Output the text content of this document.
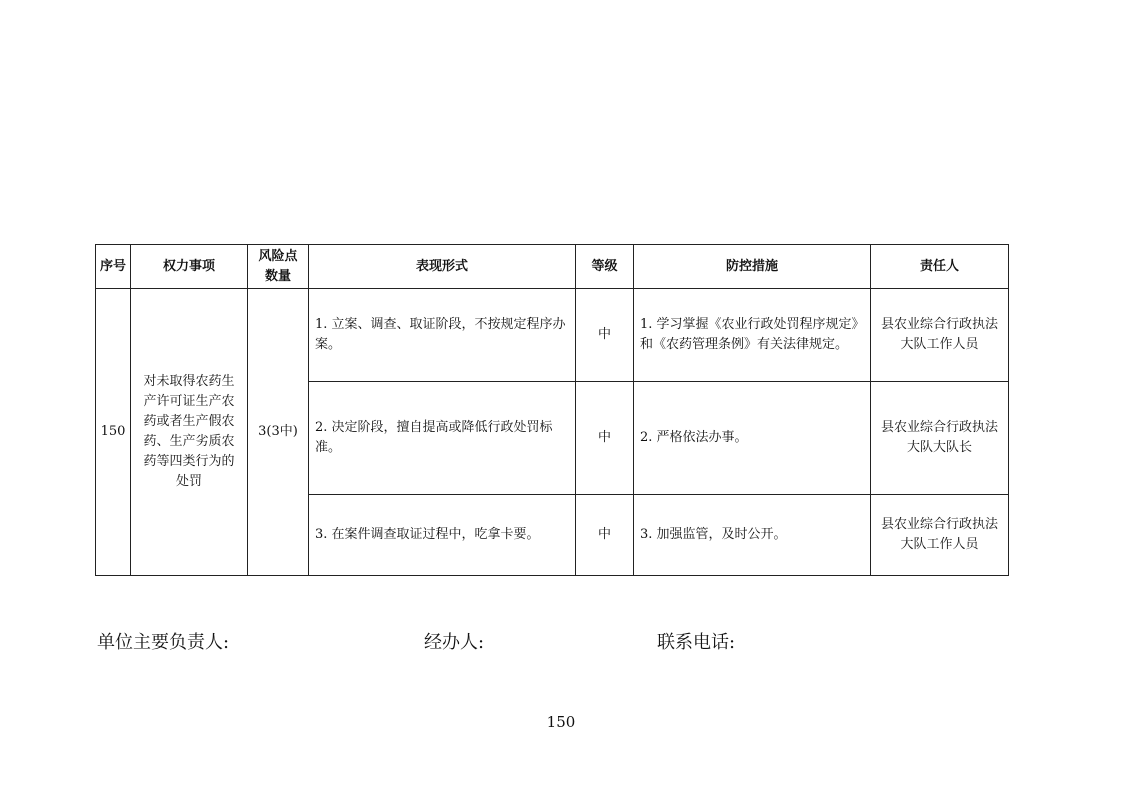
序号	权力事项	风险点数量	表现形式	等级	防控措施	责任人
150	对未取得农药生产许可证生产农药或者生产假农药、生产劣质农药等四类行为的处罚	3(3中)	1. 立案、调查、取证阶段，不按规定程序办案。	中	1. 学习掌握《农业行政处罚程序规定》和《农药管理条例》有关法律规定。	县农业综合行政执法大队工作人员
			2. 决定阶段，擅自提高或降低行政处罚标准。	中	2. 严格依法办事。	县农业综合行政执法大队大队长
			3. 在案件调查取证过程中，吃拿卡要。	中	3. 加强监管，及时公开。	县农业综合行政执法大队工作人员
单位主要负责人:	经办人:	联系电话:
150
